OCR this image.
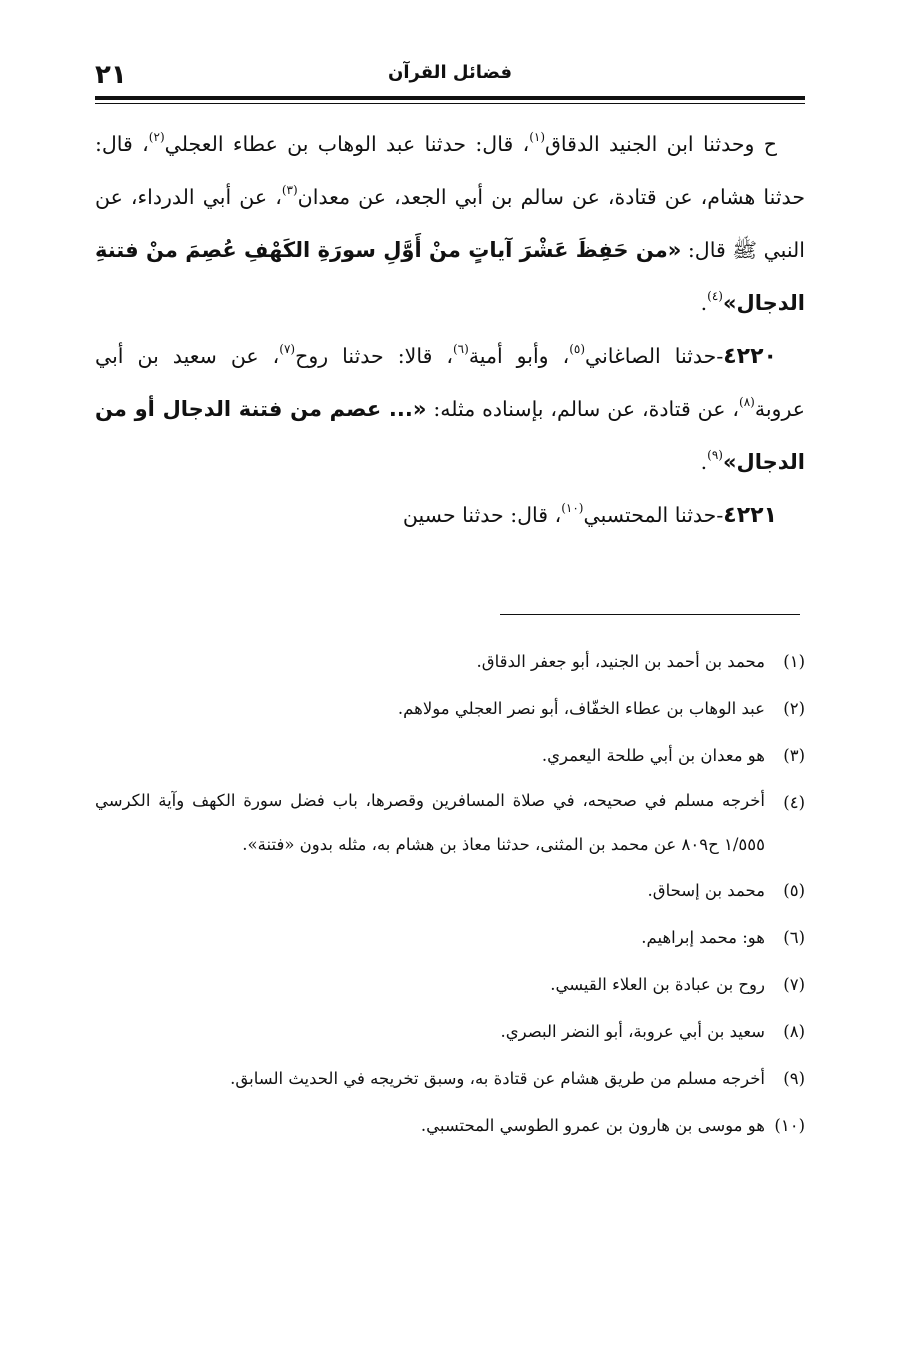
٢١	فضائل القرآن

ح وحدثنا ابن الجنيد الدقاق$^{(١)}$، قال: حدثنا عبد الوهاب بن عطاء العجلي$^{(٢)}$، قال: حدثنا هشام، عن قتادة، عن سالم بن أبي الجعد، عن معدان$^{(٣)}$، عن أبي الدرداء، عن النبي ﷺ قال: «من حَفِظَ عَشْرَ آياتٍ منْ أَوَّلِ سورَةِ الكَهْفِ عُصِمَ منْ فتنةِ الدجال»$^{(٤)}$.

٤٢٢٠-حدثنا الصاغاني$^{(٥)}$، وأبو أمية$^{(٦)}$، قالا: حدثنا روح$^{(٧)}$، عن سعيد بن أبي عروبة$^{(٨)}$، عن قتادة، عن سالم، بإسناده مثله: «... عصم من فتنة الدجال أو من الدجال»$^{(٩)}$.

٤٢٢١-حدثنا المحتسبي$^{(١٠)}$، قال: حدثنا حسين

(١)
محمد بن أحمد بن الجنيد، أبو جعفر الدقاق.
(٢)
عبد الوهاب بن عطاء الخفّاف، أبو نصر العجلي مولاهم.
(٣)
هو معدان بن أبي طلحة اليعمري.
(٤)
أخرجه مسلم في صحيحه، في صلاة المسافرين وقصرها، باب فضل سورة الكهف وآية الكرسي ١/٥٥٥ ح٨٠٩ عن محمد بن المثنى، حدثنا معاذ بن هشام به، مثله بدون «فتنة».
(٥)
محمد بن إسحاق.
(٦)
هو: محمد إبراهيم.
(٧)
روح بن عبادة بن العلاء القيسي.
(٨)
سعيد بن أبي عروبة، أبو النضر البصري.
(٩)
أخرجه مسلم من طريق هشام عن قتادة به، وسبق تخريجه في الحديث السابق.
(١٠)
هو موسى بن هارون بن عمرو الطوسي المحتسبي.
